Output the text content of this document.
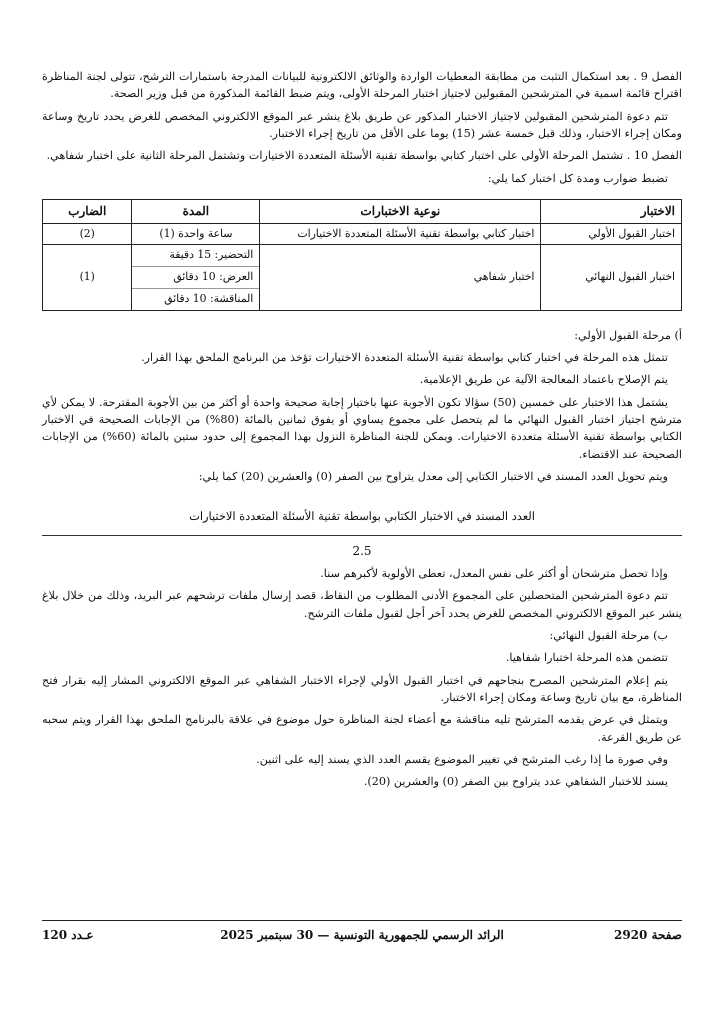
الفصل 9 . بعد استكمال التثبت من مطابقة المعطيات الواردة والوثائق الالكترونية للبيانات المدرجة باستمارات الترشح، تتولى لجنة المناظرة اقتراح قائمة اسمية في المترشحين المقبولين لاجتياز اختبار المرحلة الأولى، ويتم ضبط القائمة المذكورة من قبل وزير الصحة.

تتم دعوة المترشحين المقبولين لاجتياز الاختبار المذكور عن طريق بلاغ ينشر عبر الموقع الالكتروني المخصص للغرض يحدد تاريخ وساعة ومكان إجراء الاختبار، وذلك قبل خمسة عشر (15) يوما على الأقل من تاريخ إجراء الاختبار.

الفصل 10 . تشتمل المرحلة الأولى على اختبار كتابي بواسطة تقنية الأسئلة المتعددة الاختيارات وتشتمل المرحلة الثانية على اختبار شفاهي.

تضبط ضوارب ومدة كل اختبار كما يلي:

الاختبار	نوعية الاختبارات	المدة	الضارب
اختبار القبول الأولي	اختبار كتابي بواسطة تقنية الأسئلة المتعددة الاختيارات	ساعة واحدة (1)	(2)
اختبار القبول النهائي	اختبار شفاهي	التحضير: 15 دقيقة
العرض: 10 دقائق
المناقشة: 10 دقائق	(1)

أ) مرحلة القبول الأولي:

تتمثل هذه المرحلة في اختبار كتابي بواسطة تقنية الأسئلة المتعددة الاختيارات تؤخذ من البرنامج الملحق بهذا القرار.

يتم الإصلاح باعتماد المعالجة الآلية عن طريق الإعلامية.

يشتمل هذا الاختبار على خمسين (50) سؤالا تكون الأجوبة عنها باختيار إجابة صحيحة واحدة أو أكثر من بين الأجوبة المقترحة. لا يمكن لأي مترشح اجتياز اختبار القبول النهائي ما لم يتحصل على مجموع يساوي أو يفوق ثمانين بالمائة (80%) من الإجابات الصحيحة في الاختبار الكتابي بواسطة تقنية الأسئلة متعددة الاختيارات. ويمكن للجنة المناظرة النزول بهذا المجموع إلى حدود ستين بالمائة (60%) من الإجابات الصحيحة عند الاقتضاء.

ويتم تحويل العدد المسند في الاختبار الكتابي إلى معدل يتراوح بين الصفر (0) والعشرين (20) كما يلي:

العدد المسند في الاختبار الكتابي بواسطة تقنية الأسئلة المتعددة الاختيارات
2.5

وإذا تحصل مترشحان أو أكثر على نفس المعدل، تعطى الأولوية لأكبرهم سنا.

تتم دعوة المترشحين المتحصلين على المجموع الأدنى المطلوب من النقاط، قصد إرسال ملفات ترشحهم عبر البريد، وذلك من خلال بلاغ ينشر عبر الموقع الالكتروني المخصص للغرض يحدد آخر أجل لقبول ملفات الترشح.

ب) مرحلة القبول النهائي:

تتضمن هذه المرحلة اختبارا شفاهيا.

يتم إعلام المترشحين المصرح بنجاحهم في اختبار القبول الأولي لإجراء الاختبار الشفاهي عبر الموقع الالكتروني المشار إليه بقرار فتح المناظرة، مع بيان تاريخ وساعة ومكان إجراء الاختبار.

ويتمثل في عرض يقدمه المترشح تليه مناقشة مع أعضاء لجنة المناظرة حول موضوع في علاقة بالبرنامج الملحق بهذا القرار ويتم سحبه عن طريق القرعة.

وفي صورة ما إذا رغب المترشح في تغيير الموضوع يقسم العدد الذي يسند إليه على اثنين.

يسند للاختبار الشفاهي عدد يتراوح بين الصفر (0) والعشرين (20).

صفحة 2920
الرائد الرسمي للجمهورية التونسية — 30 سبتمبر 2025
عـدد 120
